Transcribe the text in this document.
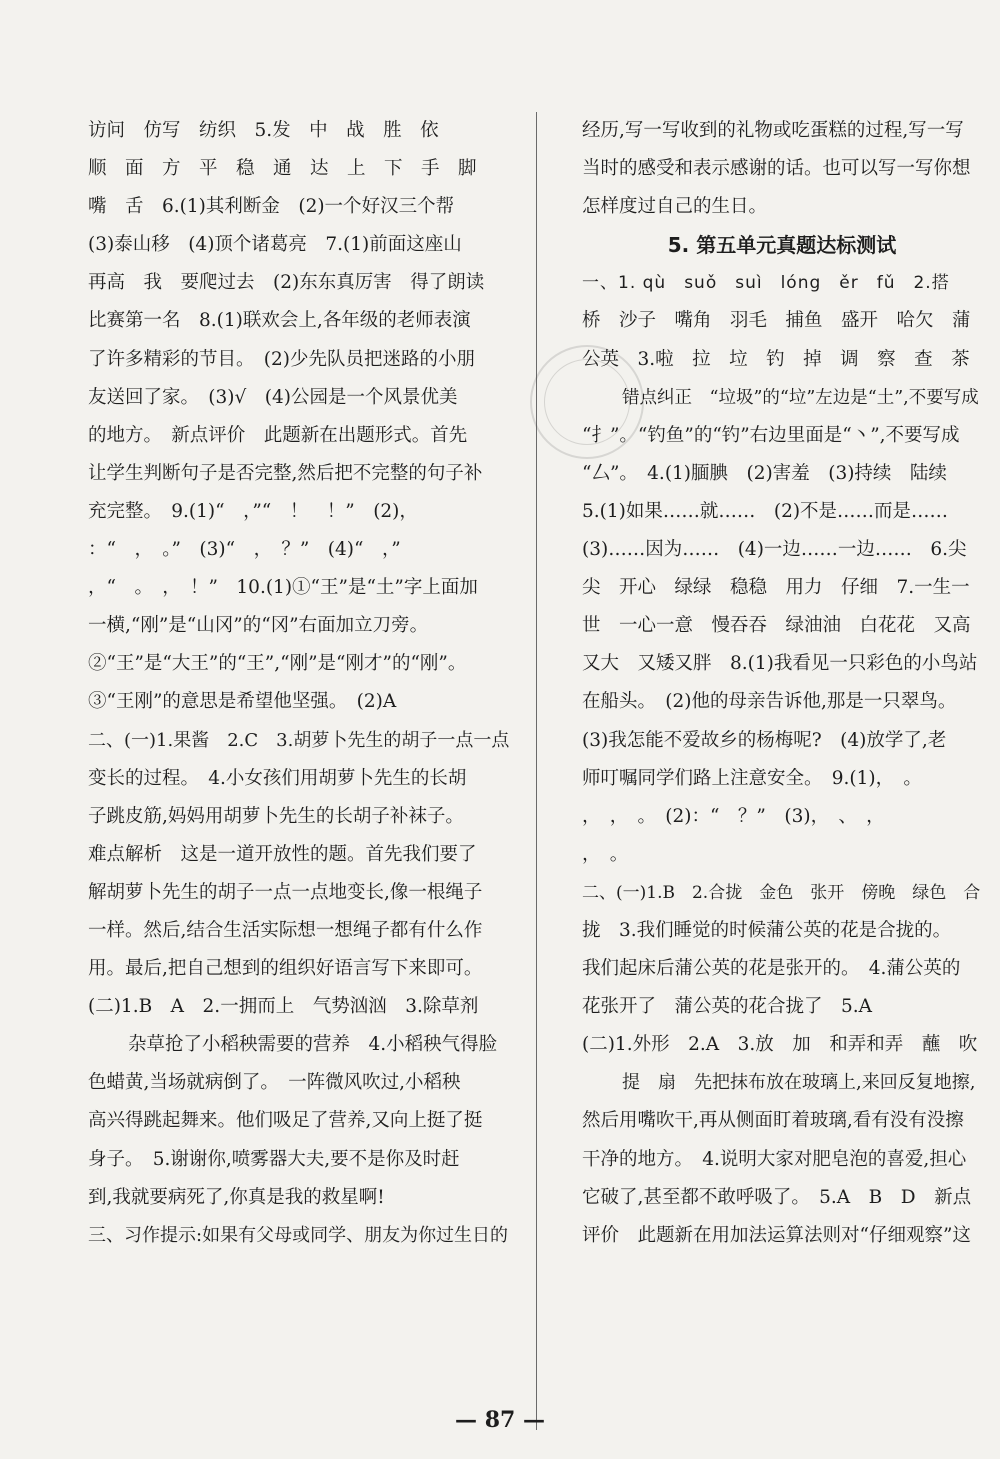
访问　仿写　纺织　5.发　中　战　胜　依
顺　面　方　平　稳　通　达　上　下　手　脚
嘴　舌　6.(1)其利断金　(2)一个好汉三个帮
(3)泰山移　(4)顶个诸葛亮　7.(1)前面这座山
再高　我　要爬过去　(2)东东真厉害　得了朗读
比赛第一名　8.(1)联欢会上,各年级的老师表演
了许多精彩的节目。　(2)少先队员把迷路的小朋
友送回了家。　(3)√　(4)公园是一个风景优美
的地方。　新点评价　此题新在出题形式。首先
让学生判断句子是否完整,然后把不完整的句子补
充完整。　9.(1)“　，”“　！　！”　(2)，
：“　，　。”　(3)“　，　？”　(4)“　，”
，“　。　，　！”　10.(1)①“王”是“土”字上面加
一横,“刚”是“山冈”的“冈”右面加立刀旁。
②“王”是“大王”的“王”,“刚”是“刚才”的“刚”。
③“王刚”的意思是希望他坚强。　(2)A
二、(一)1.果酱　2.C　3.胡萝卜先生的胡子一点一点
变长的过程。　4.小女孩们用胡萝卜先生的长胡
子跳皮筋,妈妈用胡萝卜先生的长胡子补袜子。
难点解析　这是一道开放性的题。首先我们要了
解胡萝卜先生的胡子一点一点地变长,像一根绳子
一样。然后,结合生活实际想一想绳子都有什么作
用。最后,把自己想到的组织好语言写下来即可。
(二)1.B　A　2.一拥而上　气势汹汹　3.除草剂
杂草抢了小稻秧需要的营养　4.小稻秧气得脸
色蜡黄,当场就病倒了。　一阵微风吹过,小稻秧
高兴得跳起舞来。他们吸足了营养,又向上挺了挺
身子。　5.谢谢你,喷雾器大夫,要不是你及时赶
到,我就要病死了,你真是我的救星啊!
三、习作提示:如果有父母或同学、朋友为你过生日的
经历,写一写收到的礼物或吃蛋糕的过程,写一写
当时的感受和表示感谢的话。也可以写一写你想
怎样度过自己的生日。
5. 第五单元真题达标测试
一、1. qù　suǒ　suì　lóng　ěr　fǔ　2.搭
桥　沙子　嘴角　羽毛　捕鱼　盛开　哈欠　蒲
公英　3.啦　拉　垃　钓　掉　调　察　查　茶
错点纠正　“垃圾”的“垃”左边是“土”,不要写成
“扌”。“钓鱼”的“钓”右边里面是“丶”,不要写成
“厶”。　4.(1)腼腆　(2)害羞　(3)持续　陆续
5.(1)如果……就……　(2)不是……而是……
(3)……因为……　(4)一边……一边……　6.尖
尖　开心　绿绿　稳稳　用力　仔细　7.一生一
世　一心一意　慢吞吞　绿油油　白花花　又高
又大　又矮又胖　8.(1)我看见一只彩色的小鸟站
在船头。　(2)他的母亲告诉他,那是一只翠鸟。
(3)我怎能不爱故乡的杨梅呢?　(4)放学了,老
师叮嘱同学们路上注意安全。　9.(1)，　。
，　，　。　(2)：“　？”　(3)，　、　，
，　。
二、(一)1.B　2.合拢　金色　张开　傍晚　绿色　合
拢　3.我们睡觉的时候蒲公英的花是合拢的。
我们起床后蒲公英的花是张开的。　4.蒲公英的
花张开了　蒲公英的花合拢了　5.A
(二)1.外形　2.A　3.放　加　和弄和弄　蘸　吹
提　扇　先把抹布放在玻璃上,来回反复地擦,
然后用嘴吹干,再从侧面盯着玻璃,看有没有没擦
干净的地方。　4.说明大家对肥皂泡的喜爱,担心
它破了,甚至都不敢呼吸了。　5.A　B　D　新点
评价　此题新在用加法运算法则对“仔细观察”这
— 87 —
